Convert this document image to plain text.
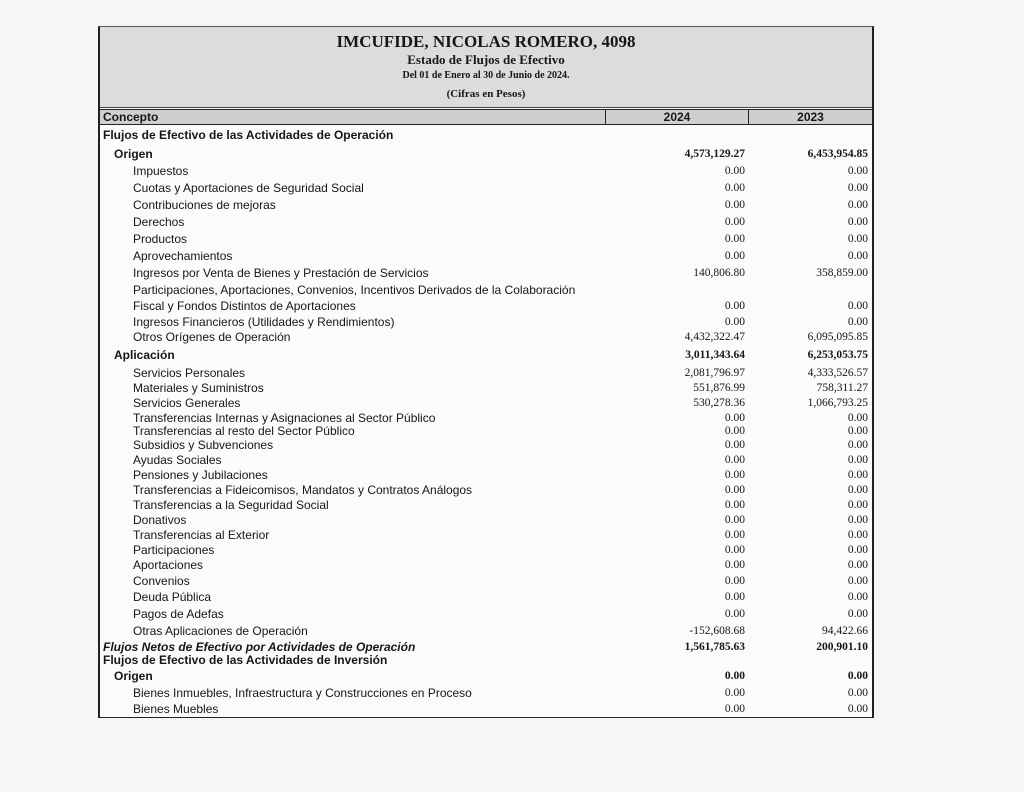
IMCUFIDE, NICOLAS ROMERO, 4098
Estado de Flujos de Efectivo
Del 01 de Enero al 30 de Junio de 2024.
(Cifras en Pesos)
Concepto	2024	2023
Flujos de Efectivo de las Actividades de Operación
Origen	4,573,129.27	6,453,954.85
Impuestos	0.00	0.00
Cuotas y Aportaciones de Seguridad Social	0.00	0.00
Contribuciones de mejoras	0.00	0.00
Derechos	0.00	0.00
Productos	0.00	0.00
Aprovechamientos	0.00	0.00
Ingresos por Venta de Bienes y Prestación de Servicios	140,806.80	358,859.00
Participaciones, Aportaciones, Convenios, Incentivos Derivados de la Colaboración
Fiscal y Fondos Distintos de Aportaciones	0.00	0.00
Ingresos Financieros (Utilidades y Rendimientos)	0.00	0.00
Otros Orígenes de Operación	4,432,322.47	6,095,095.85
Aplicación	3,011,343.64	6,253,053.75
Servicios Personales	2,081,796.97	4,333,526.57
Materiales y Suministros	551,876.99	758,311.27
Servicios Generales	530,278.36	1,066,793.25
Transferencias Internas y Asignaciones al Sector Público	0.00	0.00
Transferencias al resto del Sector Público	0.00	0.00
Subsidios y Subvenciones	0.00	0.00
Ayudas Sociales	0.00	0.00
Pensiones y Jubilaciones	0.00	0.00
Transferencias a Fideicomisos, Mandatos y Contratos Análogos	0.00	0.00
Transferencias a la Seguridad Social	0.00	0.00
Donativos	0.00	0.00
Transferencias al Exterior	0.00	0.00
Participaciones	0.00	0.00
Aportaciones	0.00	0.00
Convenios	0.00	0.00
Deuda Pública	0.00	0.00
Pagos de Adefas	0.00	0.00
Otras Aplicaciones de Operación	-152,608.68	94,422.66
Flujos Netos de Efectivo por Actividades de Operación	1,561,785.63	200,901.10
Flujos de Efectivo de las Actividades de Inversión
Origen	0.00	0.00
Bienes Inmuebles, Infraestructura y Construcciones en Proceso	0.00	0.00
Bienes Muebles	0.00	0.00
